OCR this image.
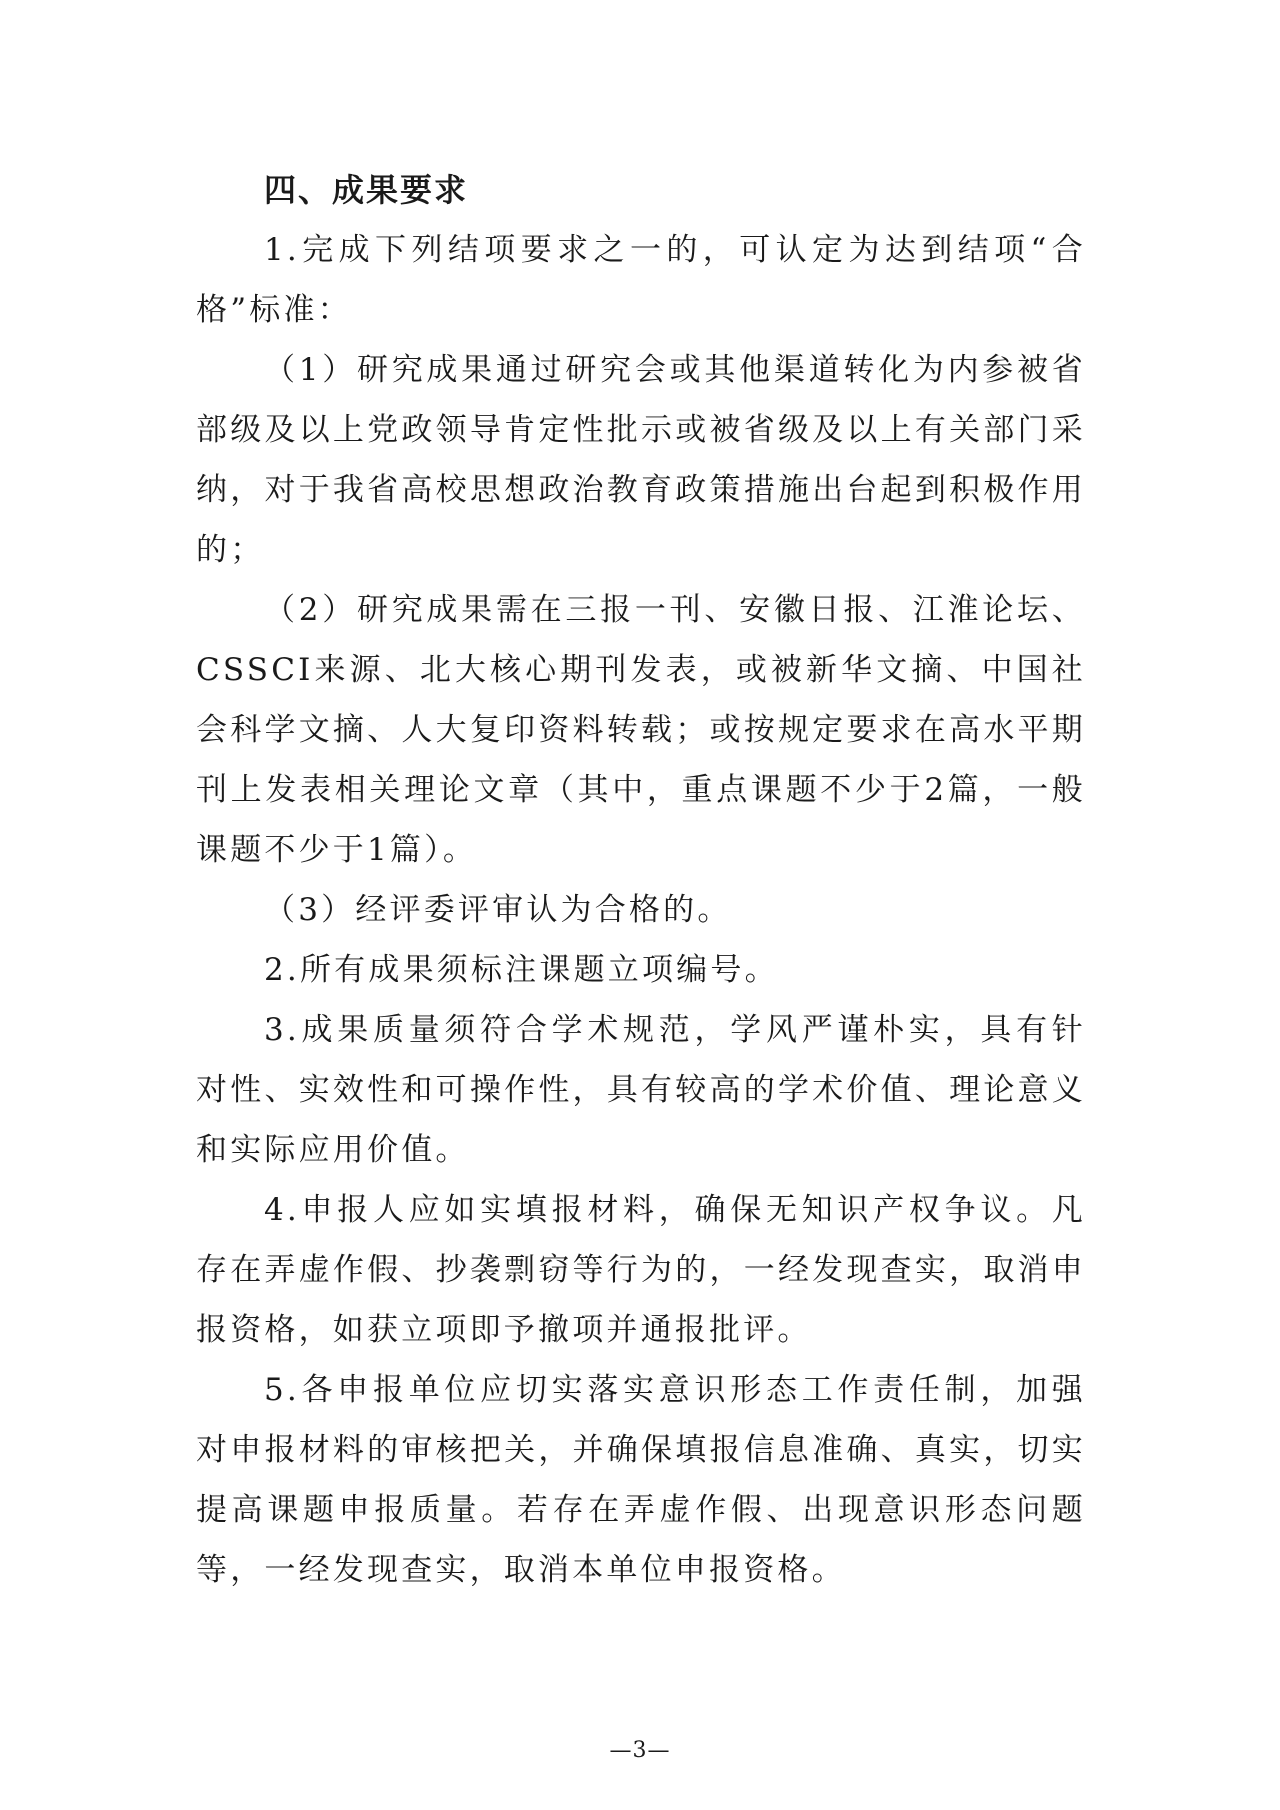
四、成果要求

1.完成下列结项要求之一的，可认定为达到结项“合格”标准：

（1）研究成果通过研究会或其他渠道转化为内参被省部级及以上党政领导肯定性批示或被省级及以上有关部门采纳，对于我省高校思想政治教育政策措施出台起到积极作用的；

（2）研究成果需在三报一刊、安徽日报、江淮论坛、CSSCI来源、北大核心期刊发表，或被新华文摘、中国社会科学文摘、人大复印资料转载；或按规定要求在高水平期刊上发表相关理论文章（其中，重点课题不少于2篇，一般课题不少于1篇）。

（3）经评委评审认为合格的。

2.所有成果须标注课题立项编号。

3.成果质量须符合学术规范，学风严谨朴实，具有针对性、实效性和可操作性，具有较高的学术价值、理论意义和实际应用价值。

4.申报人应如实填报材料，确保无知识产权争议。凡存在弄虚作假、抄袭剽窃等行为的，一经发现查实，取消申报资格，如获立项即予撤项并通报批评。

5.各申报单位应切实落实意识形态工作责任制，加强对申报材料的审核把关，并确保填报信息准确、真实，切实提高课题申报质量。若存在弄虚作假、出现意识形态问题等，一经发现查实，取消本单位申报资格。

—3—
